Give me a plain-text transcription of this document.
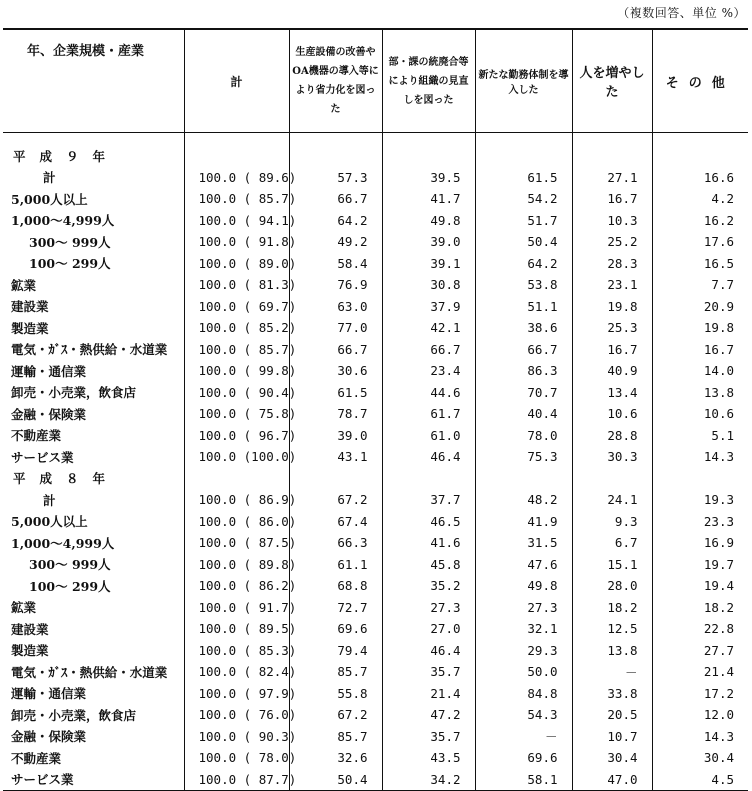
（複数回答、単位 %）
年、企業規模・産業	計	生産設備の改善やOA機器の導入等により省力化を図った	部・課の統廃合等により組織の見直しを図った	新たな勤務体制を導入した	人を増やした	その他

平成９年						
計	100.0 ( 89.6)	57.3	39.5	61.5	27.1	16.6
5,000人以上	100.0 ( 85.7)	66.7	41.7	54.2	16.7	4.2
1,000～4,999人	100.0 ( 94.1)	64.2	49.8	51.7	10.3	16.2
300～ 999人	100.0 ( 91.8)	49.2	39.0	50.4	25.2	17.6
100～ 299人	100.0 ( 89.0)	58.4	39.1	64.2	28.3	16.5
鉱業	100.0 ( 81.3)	76.9	30.8	53.8	23.1	7.7
建設業	100.0 ( 69.7)	63.0	37.9	51.1	19.8	20.9
製造業	100.0 ( 85.2)	77.0	42.1	38.6	25.3	19.8
電気・ｶﾞｽ・熱供給・水道業	100.0 ( 85.7)	66.7	66.7	66.7	16.7	16.7
運輸・通信業	100.0 ( 99.8)	30.6	23.4	86.3	40.9	14.0
卸売・小売業，飲食店	100.0 ( 90.4)	61.5	44.6	70.7	13.4	13.8
金融・保険業	100.0 ( 75.8)	78.7	61.7	40.4	10.6	10.6
不動産業	100.0 ( 96.7)	39.0	61.0	78.0	28.8	5.1
サービス業	100.0 (100.0)	43.1	46.4	75.3	30.3	14.3
平成８年						
計	100.0 ( 86.9)	67.2	37.7	48.2	24.1	19.3
5,000人以上	100.0 ( 86.0)	67.4	46.5	41.9	9.3	23.3
1,000～4,999人	100.0 ( 87.5)	66.3	41.6	31.5	6.7	16.9
300～ 999人	100.0 ( 89.8)	61.1	45.8	47.6	15.1	19.7
100～ 299人	100.0 ( 86.2)	68.8	35.2	49.8	28.0	19.4
鉱業	100.0 ( 91.7)	72.7	27.3	27.3	18.2	18.2
建設業	100.0 ( 89.5)	69.6	27.0	32.1	12.5	22.8
製造業	100.0 ( 85.3)	79.4	46.4	29.3	13.8	27.7
電気・ｶﾞｽ・熱供給・水道業	100.0 ( 82.4)	85.7	35.7	50.0	－	21.4
運輸・通信業	100.0 ( 97.9)	55.8	21.4	84.8	33.8	17.2
卸売・小売業，飲食店	100.0 ( 76.0)	67.2	47.2	54.3	20.5	12.0
金融・保険業	100.0 ( 90.3)	85.7	35.7	－	10.7	14.3
不動産業	100.0 ( 78.0)	32.6	43.5	69.6	30.4	30.4
サービス業	100.0 ( 87.7)	50.4	34.2	58.1	47.0	4.5
